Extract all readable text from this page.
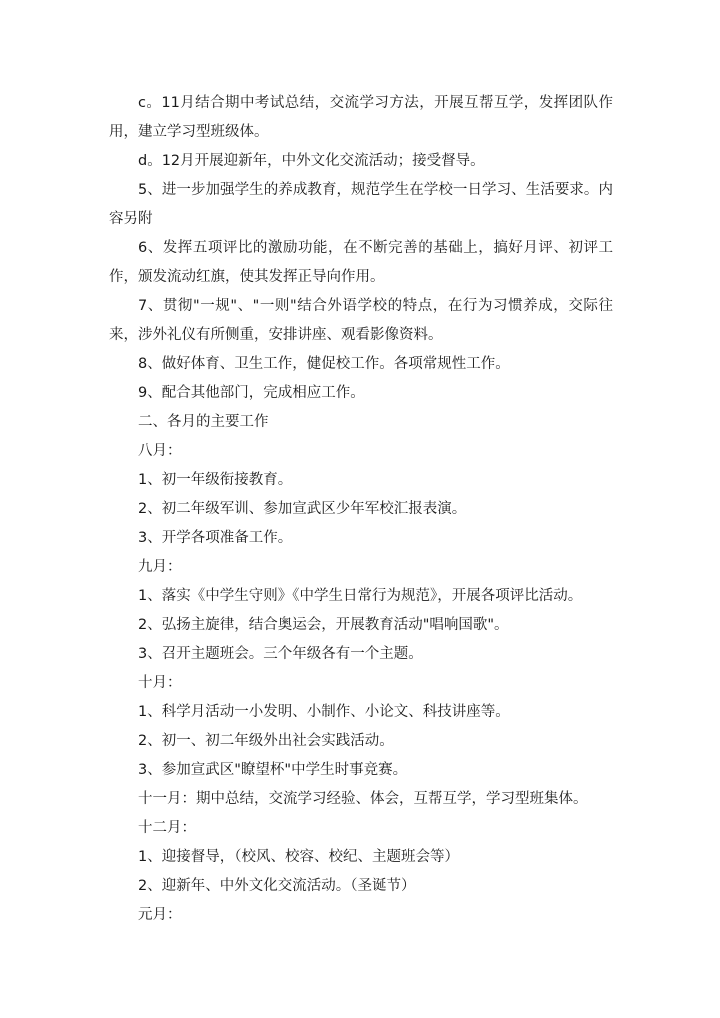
c。11月结合期中考试总结，交流学习方法，开展互帮互学，发挥团队作用，建立学习型班级体。

d。12月开展迎新年，中外文化交流活动；接受督导。

5、进一步加强学生的养成教育，规范学生在学校一日学习、生活要求。内容另附

6、发挥五项评比的激励功能，在不断完善的基础上，搞好月评、初评工作，颁发流动红旗，使其发挥正导向作用。

7、贯彻"一规"、"一则"结合外语学校的特点，在行为习惯养成，交际往来，涉外礼仪有所侧重，安排讲座、观看影像资料。

8、做好体育、卫生工作，健促校工作。各项常规性工作。

9、配合其他部门，完成相应工作。

二、各月的主要工作

八月：

1、初一年级衔接教育。

2、初二年级军训、参加宣武区少年军校汇报表演。

3、开学各项准备工作。

九月：

1、落实《中学生守则》《中学生日常行为规范》，开展各项评比活动。

2、弘扬主旋律，结合奥运会，开展教育活动"唱响国歌"。

3、召开主题班会。三个年级各有一个主题。

十月：

1、科学月活动一小发明、小制作、小论文、科技讲座等。

2、初一、初二年级外出社会实践活动。

3、参加宣武区"瞭望杯"中学生时事竞赛。

十一月：期中总结，交流学习经验、体会，互帮互学，学习型班集体。

十二月：

1、迎接督导，（校风、校容、校纪、主题班会等）

2、迎新年、中外文化交流活动。（圣诞节）

元月：
